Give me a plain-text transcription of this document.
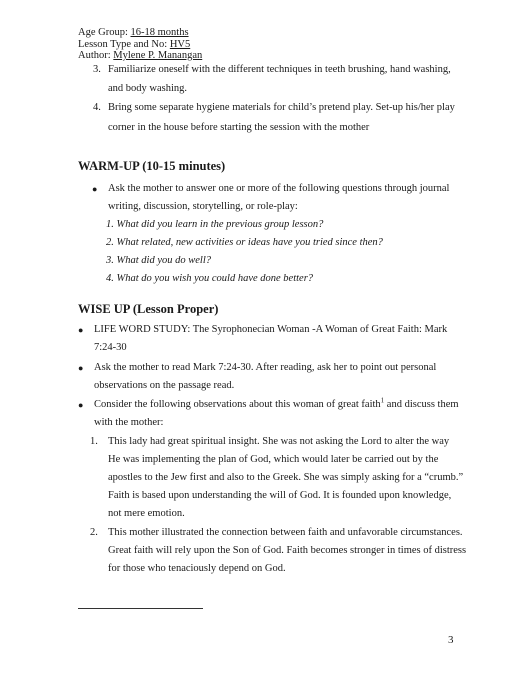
Age Group: 16-18 months
Lesson Type and No: HV5
Author: Mylene P. Manangan
3. Familiarize oneself with the different techniques in teeth brushing, hand washing,
and body washing.
4. Bring some separate hygiene materials for child’s pretend play. Set-up his/her play
corner in the house before starting the session with the mother
WARM-UP (10-15 minutes)
● Ask the mother to answer one or more of the following questions through journal
writing, discussion, storytelling, or role-play:
1. What did you learn in the previous group lesson?
2. What related, new activities or ideas have you tried since then?
3. What did you do well?
4. What do you wish you could have done better?
WISE UP (Lesson Proper)
● LIFE WORD STUDY: The Syrophonecian Woman -A Woman of Great Faith: Mark
7:24-30
● Ask the mother to read Mark 7:24-30. After reading, ask her to point out personal
observations on the passage read.
● Consider the following observations about this woman of great faith$^1$ and discuss them
with the mother:
1. This lady had great spiritual insight. She was not asking the Lord to alter the way
He was implementing the plan of God, which would later be carried out by the
apostles to the Jew first and also to the Greek. She was simply asking for a “crumb.”
Faith is based upon understanding the will of God. It is founded upon knowledge,
not mere emotion.
2. This mother illustrated the connection between faith and unfavorable circumstances.
Great faith will rely upon the Son of God. Faith becomes stronger in times of distress
for those who tenaciously depend on God.
3
